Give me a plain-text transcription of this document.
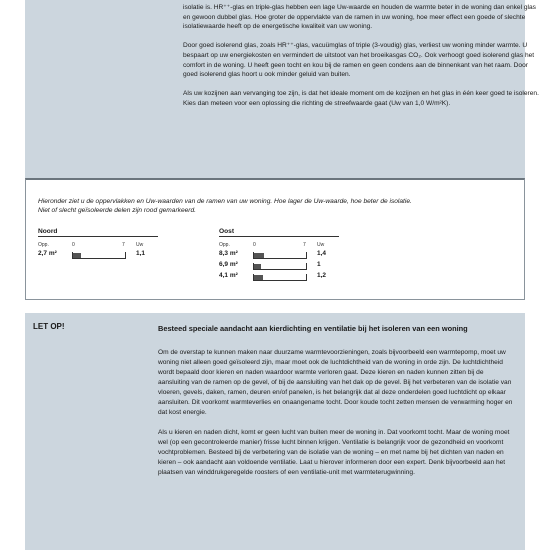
isolatie is. HR⁺⁺-glas en triple-glas hebben een lage Uw-waarde en houden de warmte beter in de woning dan enkel glas en gewoon dubbel glas. Hoe groter de oppervlakte van de ramen in uw woning, hoe meer effect een goede of slechte isolatiewaarde heeft op de energetische kwaliteit van uw woning.

Door goed isolerend glas, zoals HR⁺⁺-glas, vacuümglas of triple (3-voudig) glas, verliest uw woning minder warmte. U bespaart op uw energiekosten en vermindert de uitstoot van het broeikasgas CO₂. Ook verhoogt goed isolerend glas het comfort in de woning. U heeft geen tocht en kou bij de ramen en geen condens aan de binnenkant van het raam. Door goed isolerend glas hoort u ook minder geluid van buiten.

Als uw kozijnen aan vervanging toe zijn, is dat het ideale moment om de kozijnen en het glas in één keer goed te isoleren. Kies dan meteen voor een oplossing die richting de streefwaarde gaat (Uw van 1,0 W/m²K).

Hieronder ziet u de oppervlakken en Uw-waarden van de ramen van uw woning. Hoe lager de Uw-waarde, hoe beter de isolatie.
Niet of slecht geïsoleerde delen zijn rood gemarkeerd.
Noord
Opp.	0	7 Uw
2,7 m²	1,1
Oost
Opp.	0	7 Uw
8,3 m²	1,4
6,9 m²	1
4,1 m²	1,2
LET OP!	Besteed speciale aandacht aan kierdichting en ventilatie bij het isoleren van een woning

Om de overstap te kunnen maken naar duurzame warmtevoorzieningen, zoals bijvoorbeeld een warmtepomp, moet uw woning niet alleen goed geïsoleerd zijn, maar moet ook de luchtdichtheid van de woning in orde zijn. De luchtdichtheid wordt bepaald door kieren en naden waardoor warmte verloren gaat. Deze kieren en naden kunnen zitten bij de aansluiting van de ramen op de gevel, of bij de aansluiting van het dak op de gevel. Bij het verbeteren van de isolatie van vloeren, gevels, daken, ramen, deuren en/of panelen, is het belangrijk dat al deze onderdelen goed luchtdicht op elkaar aansluiten. Dit voorkomt warmteverlies en onaangename tocht. Door koude tocht zetten mensen de verwarming hoger en dat kost energie.

Als u kieren en naden dicht, komt er geen lucht van buiten meer de woning in. Dat voorkomt tocht. Maar de woning moet wel (op een gecontroleerde manier) frisse lucht binnen krijgen. Ventilatie is belangrijk voor de gezondheid en voorkomt vochtproblemen. Besteed bij de verbetering van de isolatie van de woning – en met name bij het dichten van naden en kieren – ook aandacht aan voldoende ventilatie. Laat u hierover informeren door een expert. Denk bijvoorbeeld aan het plaatsen van winddrukgeregelde roosters of een ventilatie-unit met warmteterugwinning.
